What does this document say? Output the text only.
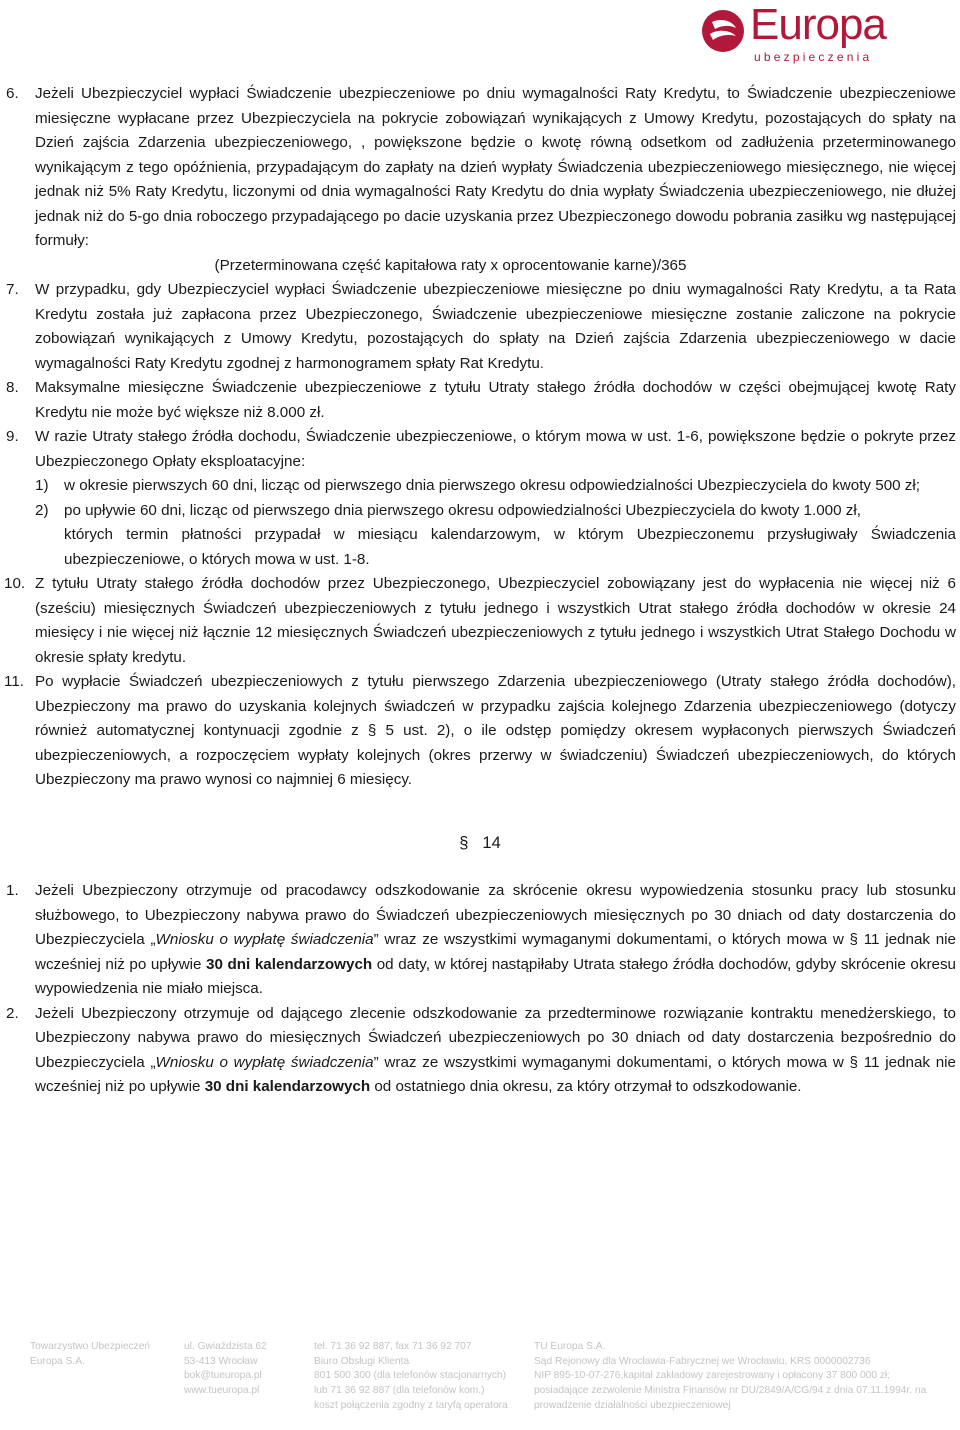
Europa
ubezpieczenia
6. Jeżeli Ubezpieczyciel wypłaci Świadczenie ubezpieczeniowe po dniu wymagalności Raty Kredytu, to Świadczenie ubezpieczeniowe miesięczne wypłacane przez Ubezpieczyciela na pokrycie zobowiązań wynikających z Umowy Kredytu, pozostających do spłaty na Dzień zajścia Zdarzenia ubezpieczeniowego, , powiększone będzie o kwotę równą odsetkom od zadłużenia przeterminowanego wynikającym z tego opóźnienia, przypadającym do zapłaty na dzień wypłaty Świadczenia ubezpieczeniowego miesięcznego, nie więcej jednak niż 5% Raty Kredytu, liczonymi od dnia wymagalności Raty Kredytu do dnia wypłaty Świadczenia ubezpieczeniowego, nie dłużej jednak niż do 5-go dnia roboczego przypadającego po dacie uzyskania przez Ubezpieczonego dowodu pobrania zasiłku wg następującej formuły:
(Przeterminowana część kapitałowa raty x oprocentowanie karne)/365
7. W przypadku, gdy Ubezpieczyciel wypłaci Świadczenie ubezpieczeniowe miesięczne po dniu wymagalności Raty Kredytu, a ta Rata Kredytu została już zapłacona przez Ubezpieczonego, Świadczenie ubezpieczeniowe miesięczne zostanie zaliczone na pokrycie zobowiązań wynikających z Umowy Kredytu, pozostających do spłaty na Dzień zajścia Zdarzenia ubezpieczeniowego w dacie wymagalności Raty Kredytu zgodnej z harmonogramem spłaty Rat Kredytu.
8. Maksymalne miesięczne Świadczenie ubezpieczeniowe z tytułu Utraty stałego źródła dochodów w części obejmującej kwotę Raty Kredytu nie może być większe niż 8.000 zł.
9. W razie Utraty stałego źródła dochodu, Świadczenie ubezpieczeniowe, o którym mowa w ust. 1-6, powiększone będzie o pokryte przez Ubezpieczonego Opłaty eksploatacyjne:
1) w okresie pierwszych 60 dni, licząc od pierwszego dnia pierwszego okresu odpowiedzialności Ubezpieczyciela do kwoty 500 zł;
2) po upływie 60 dni, licząc od pierwszego dnia pierwszego okresu odpowiedzialności Ubezpieczyciela do kwoty 1.000 zł,
których termin płatności przypadał w miesiącu kalendarzowym, w którym Ubezpieczonemu przysługiwały Świadczenia ubezpieczeniowe, o których mowa w ust. 1-8.
10. Z tytułu Utraty stałego źródła dochodów przez Ubezpieczonego, Ubezpieczyciel zobowiązany jest do wypłacenia nie więcej niż 6 (sześciu) miesięcznych Świadczeń ubezpieczeniowych z tytułu jednego i wszystkich Utrat stałego źródła dochodów w okresie 24 miesięcy i nie więcej niż łącznie 12 miesięcznych Świadczeń ubezpieczeniowych z tytułu jednego i wszystkich Utrat Stałego Dochodu w okresie spłaty kredytu.
11. Po wypłacie Świadczeń ubezpieczeniowych z tytułu pierwszego Zdarzenia ubezpieczeniowego (Utraty stałego źródła dochodów), Ubezpieczony ma prawo do uzyskania kolejnych świadczeń w przypadku zajścia kolejnego Zdarzenia ubezpieczeniowego (dotyczy również automatycznej kontynuacji zgodnie z § 5 ust. 2), o ile odstęp pomiędzy okresem wypłaconych pierwszych Świadczeń ubezpieczeniowych, a rozpoczęciem wypłaty kolejnych (okres przerwy w świadczeniu) Świadczeń ubezpieczeniowych, do których Ubezpieczony ma prawo wynosi co najmniej 6 miesięcy.
§ 14
1. Jeżeli Ubezpieczony otrzymuje od pracodawcy odszkodowanie za skrócenie okresu wypowiedzenia stosunku pracy lub stosunku służbowego, to Ubezpieczony nabywa prawo do Świadczeń ubezpieczeniowych miesięcznych po 30 dniach od daty dostarczenia do Ubezpieczyciela „Wniosku o wypłatę świadczenia” wraz ze wszystkimi wymaganymi dokumentami, o których mowa w § 11 jednak nie wcześniej niż po upływie 30 dni kalendarzowych od daty, w której nastąpiłaby Utrata stałego źródła dochodów, gdyby skrócenie okresu wypowiedzenia nie miało miejsca.
2. Jeżeli Ubezpieczony otrzymuje od dającego zlecenie odszkodowanie za przedterminowe rozwiązanie kontraktu menedżerskiego, to Ubezpieczony nabywa prawo do miesięcznych Świadczeń ubezpieczeniowych po 30 dniach od daty dostarczenia bezpośrednio do Ubezpieczyciela „Wniosku o wypłatę świadczenia” wraz ze wszystkimi wymaganymi dokumentami, o których mowa w § 11 jednak nie wcześniej niż po upływie 30 dni kalendarzowych od ostatniego dnia okresu, za który otrzymał to odszkodowanie.
Towarzystwo Ubezpieczeń
Europa S.A.
ul. Gwiaździsta 62
53-413 Wrocław
bok@tueuropa.pl
www.tueuropa.pl
tel. 71 36 92 887, fax 71 36 92 707
Biuro Obsługi Klienta
801 500 300 (dla telefonów stacjonarnych)
lub 71 36 92 887 (dla telefonów kom.)
koszt połączenia zgodny z taryfą operatora
TU Europa S.A.
Sąd Rejonowy dla Wrocławia-Fabrycznej we Wrocławiu, KRS 0000002736
NIP 895-10-07-276,kapitał zakładowy zarejestrowany i opłacony 37 800 000 zł;
posiadające zezwolenie Ministra Finansów nr DU/2849/A/CG/94 z dnia 07.11.1994r. na
prowadzenie działalności ubezpieczeniowej
